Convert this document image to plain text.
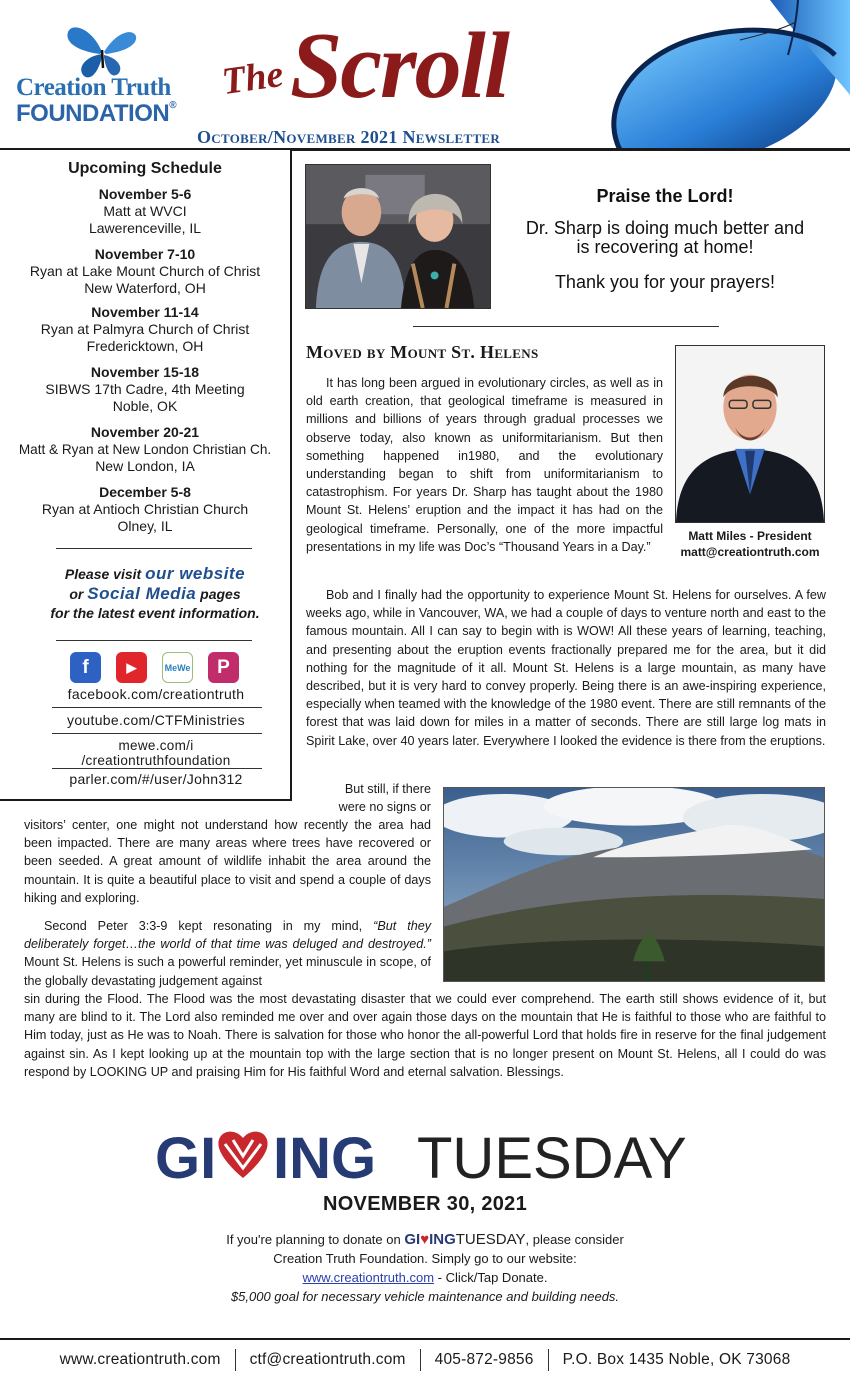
Creation Truth
FOUNDATION®
The Scroll
October/November 2021 Newsletter
Upcoming Schedule
November 5-6
Matt at WVCI
Lawerenceville, IL
November 7-10
Ryan at Lake Mount Church of Christ
New Waterford, OH
November 11-14
Ryan at Palmyra Church of Christ
Fredericktown, OH
November 15-18
SIBWS 17th Cadre, 4th Meeting
Noble, OK
November 20-21
Matt & Ryan at New London Christian Ch.
New London, IA
December 5-8
Ryan at Antioch Christian Church
Olney, IL
Please visit our website
or Social Media pages
for the latest event information.
f	▶	MeWe	P
facebook.com/creationtruth
youtube.com/CTFMinistries
mewe.com/i
/creationtruthfoundation
parler.com/#/user/John312
Praise the Lord!
Dr. Sharp is doing much better and
is recovering at home!
Thank you for your prayers!
Moved by Mount St. Helens
Matt Miles - President
matt@creationtruth.com
It has long been argued in evolutionary circles, as well as in old earth creation, that geological timeframe is measured in millions and billions of years through gradual processes we observe today, also known as uniformitarianism. But then something happened in1980, and the evolutionary understanding began to shift from uniformitarianism to catastrophism. For years Dr. Sharp has taught about the 1980 Mount St. Helens’ eruption and the impact it has had on the geological timeframe. Personally, one of the more impactful presentations in my life was Doc’s “Thousand Years in a Day.”
Bob and I finally had the opportunity to experience Mount St. Helens for ourselves. A few weeks ago, while in Vancouver, WA, we had a couple of days to venture north and east to the famous mountain. All I can say to begin with is WOW! All these years of learning, teaching, and presenting about the eruption events fractionally prepared me for the area, but it did nothing for the magnitude of it all. Mount St. Helens is a large mountain, as many have described, but it is very hard to convey properly. Being there is an awe-inspiring experience, especially when teamed with the knowledge of the 1980 event. There are still remnants of the forest that was laid down for miles in a matter of seconds. There are still large log mats in Spirit Lake, over 40 years later. Everywhere I looked the evidence is there from the eruptions.
But still, if there
were no signs or
visitors’ center, one might not understand how recently the area had been impacted. There are many areas where trees have recovered or been seeded. A great amount of wildlife inhabit the area around the mountain. It is quite a beautiful place to visit and spend a couple of days hiking and exploring.
Second Peter 3:3-9 kept resonating in my mind, “But they deliberately forget…the world of that time was deluged and destroyed.” Mount St. Helens is such a powerful reminder, yet minuscule in scope, of the globally devastating judgement against
sin during the Flood. The Flood was the most devastating disaster that we could ever comprehend. The earth still shows evidence of it, but many are blind to it. The Lord also reminded me over and over again those days on the mountain that He is faithful to those who are faithful to Him today, just as He was to Noah. There is salvation for those who honor the all-powerful Lord that holds fire in reserve for the final judgement against sin. As I kept looking up at the mountain top with the large section that is no longer present on Mount St. Helens, all I could do was respond by LOOKING UP and praising Him for His faithful Word and eternal salvation. Blessings.
GI ING TUESDAY
NOVEMBER 30, 2021
If you're planning to donate on GI♥INGTUESDAY, please consider
Creation Truth Foundation. Simply go to our website:
www.creationtruth.com - Click/Tap Donate.
$5,000 goal for necessary vehicle maintenance and building needs.
www.creationtruth.com ctf@creationtruth.com 405-872-9856 P.O. Box 1435 Noble, OK 73068
